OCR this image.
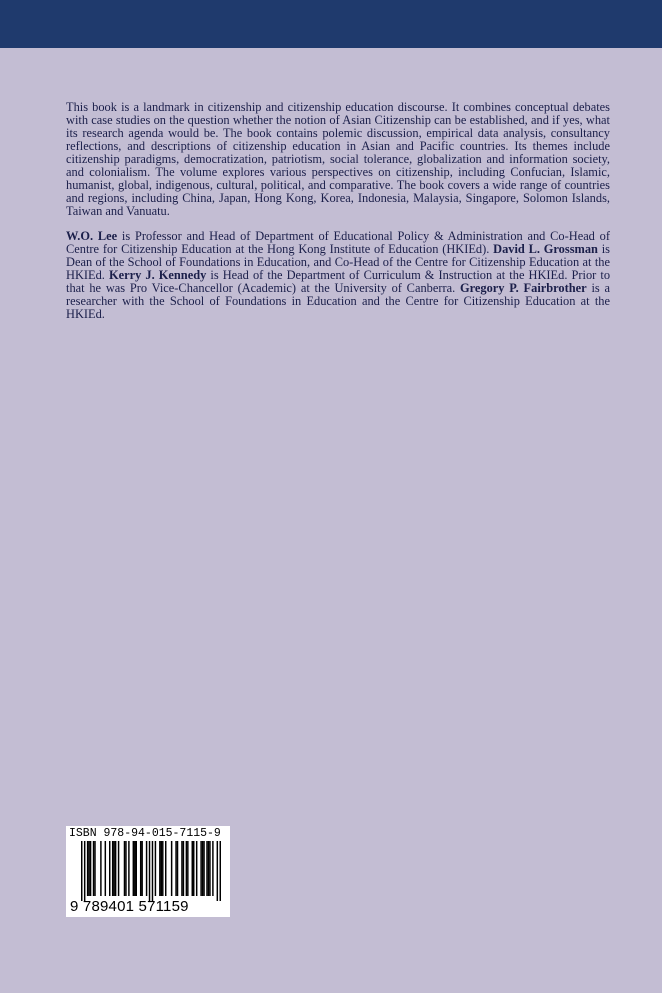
This book is a landmark in citizenship and citizenship education discourse. It combines conceptual debates with case studies on the question whether the notion of Asian Citizenship can be established, and if yes, what its research agenda would be. The book contains polemic discussion, empirical data analysis, consultancy reflections, and descriptions of citizenship education in Asian and Pacific countries. Its themes include citizenship paradigms, democratization, patriotism, social tolerance, globalization and information society, and colonialism. The volume explores various perspectives on citizenship, including Confucian, Islamic, humanist, global, indigenous, cultural, political, and comparative. The book covers a wide range of countries and regions, including China, Japan, Hong Kong, Korea, Indonesia, Malaysia, Singapore, Solomon Islands, Taiwan and Vanuatu.

W.O. Lee is Professor and Head of Department of Educational Policy & Administration and Co-Head of Centre for Citizenship Education at the Hong Kong Institute of Education (HKIEd). David L. Grossman is Dean of the School of Foundations in Education, and Co-Head of the Centre for Citizenship Education at the HKIEd. Kerry J. Kennedy is Head of the Department of Curriculum & Instruction at the HKIEd. Prior to that he was Pro Vice-Chancellor (Academic) at the University of Canberra. Gregory P. Fairbrother is a researcher with the School of Foundations in Education and the Centre for Citizenship Education at the HKIEd.

ISBN 978-94-015-7115-9
9 789401 571159
